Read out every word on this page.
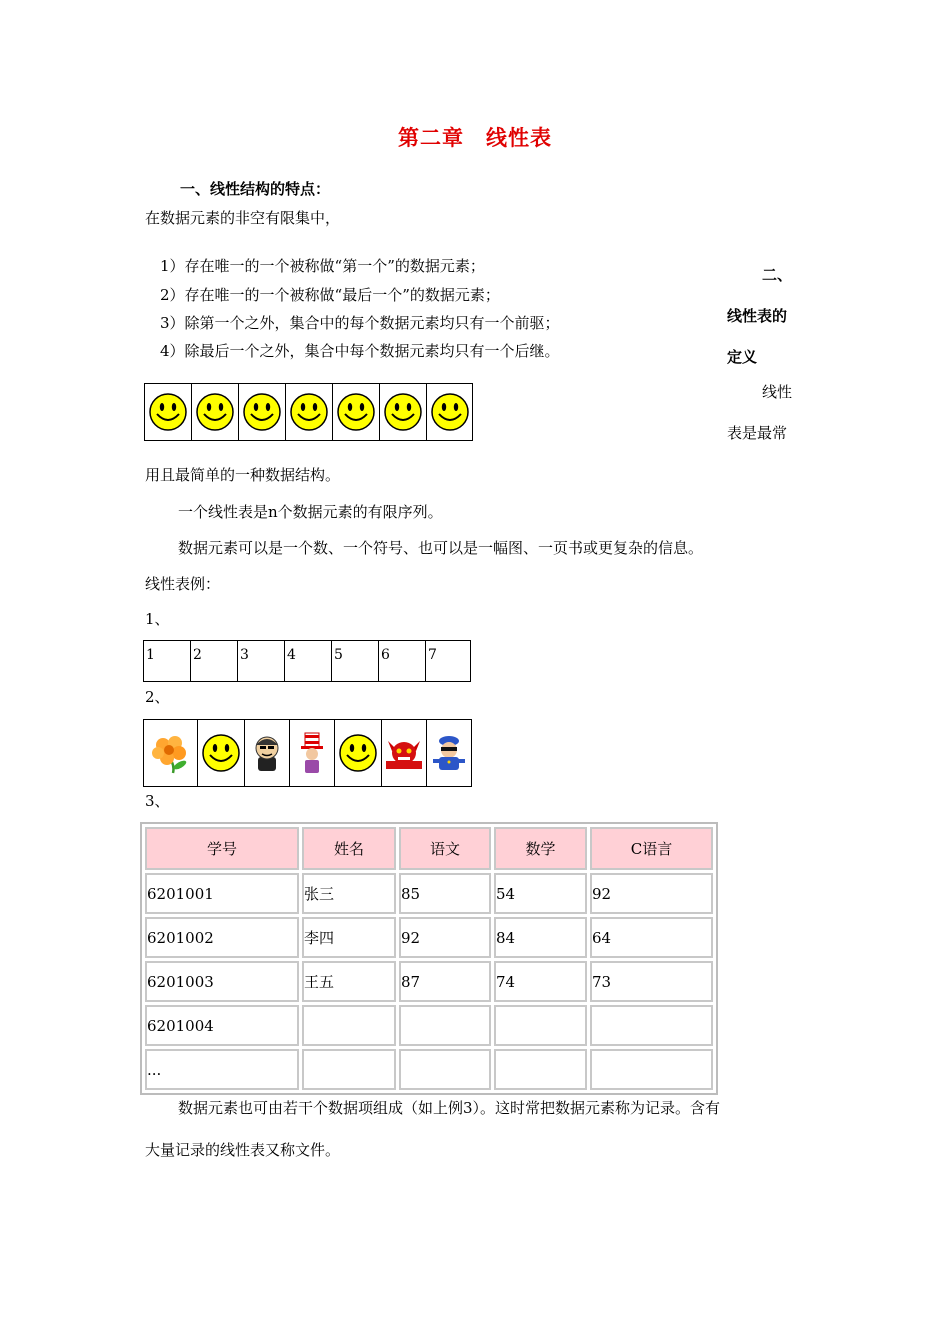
第二章　线性表
一、线性结构的特点：
在数据元素的非空有限集中，
1）存在唯一的一个被称做“第一个”的数据元素；
2）存在唯一的一个被称做“最后一个”的数据元素；
3）除第一个之外，集合中的每个数据元素均只有一个前驱；
4）除最后一个之外，集合中每个数据元素均只有一个后继。
二、
线性表的
定义
线性
表是最常
用且最简单的一种数据结构。
一个线性表是n个数据元素的有限序列。
数据元素可以是一个数、一个符号、也可以是一幅图、一页书或更复杂的信息。
线性表例：
1、
1	2	3	4	5	6	7
2、
3、
学号	姓名	语文	数学	C语言
6201001	张三	85	54	92
6201002	李四	92	84	64
6201003	王五	87	74	73
6201004				
...				
数据元素也可由若干个数据项组成（如上例3）。这时常把数据元素称为记录。含有
大量记录的线性表又称文件。
